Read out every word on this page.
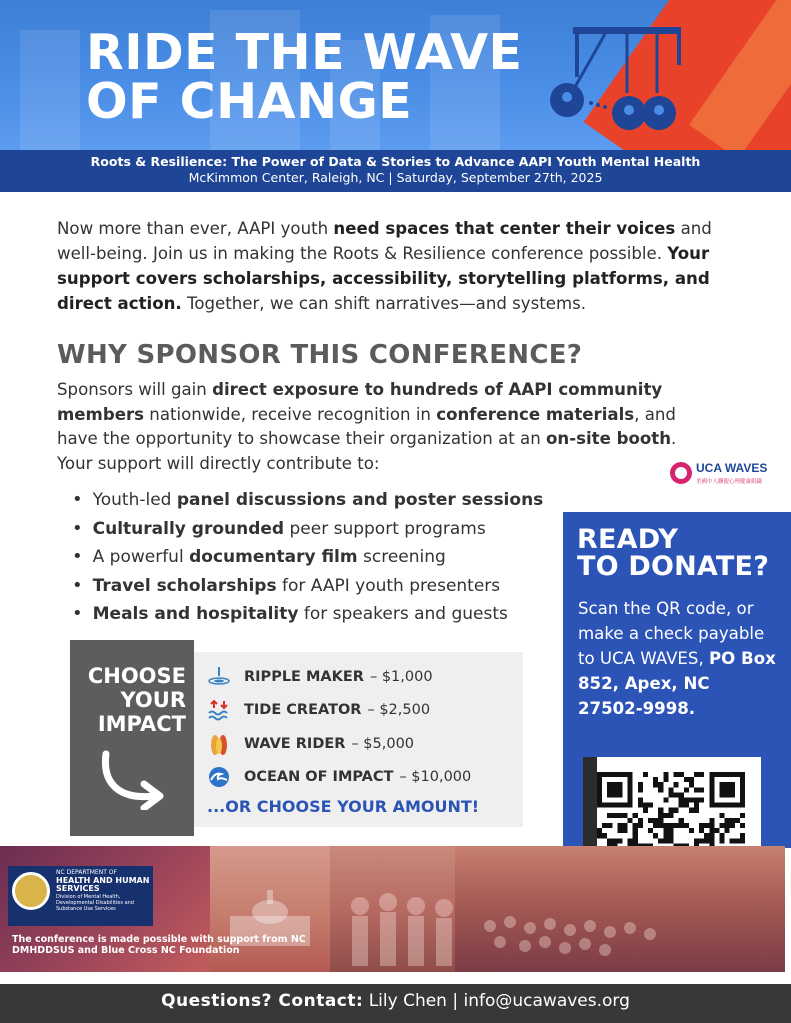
RIDE THE WAVE
OF CHANGE
Roots & Resilience: The Power of Data & Stories to Advance AAPI Youth Mental Health
McKimmon Center, Raleigh, NC | Saturday, September 27th, 2025

Now more than ever, AAPI youth need spaces that center their voices and well-being. Join us in making the Roots & Resilience conference possible. Your support covers scholarships, accessibility, storytelling platforms, and direct action. Together, we can shift narratives—and systems.

WHY SPONSOR THIS CONFERENCE?

Sponsors will gain direct exposure to hundreds of AAPI community members nationwide, receive recognition in conference materials, and have the opportunity to showcase their organization at an on-site booth. Your support will directly contribute to:	UCA WAVES
美國中人聯盟心理健康組織
• Youth-led panel discussions and poster sessions
• Culturally grounded peer support programs
• A powerful documentary film screening
• Travel scholarships for AAPI youth presenters
• Meals and hospitality for speakers and guests
CHOOSE
YOUR
IMPACT
RIPPLE MAKER – $1,000
TIDE CREATOR – $2,500
WAVE RIDER – $5,000
OCEAN OF IMPACT – $10,000
...OR CHOOSE YOUR AMOUNT!
READY
TO DONATE?

Scan the QR code, or make a check payable to UCA WAVES, PO Box 852, Apex, NC 27502-9998.

NC DEPARTMENT OF
HEALTH AND HUMAN SERVICES
Division of Mental Health, Developmental Disabilities and Substance Use Services
The conference is made possible with support from NC DMHDDSUS and Blue Cross NC Foundation
Questions? Contact: Lily Chen | info@ucawaves.org
